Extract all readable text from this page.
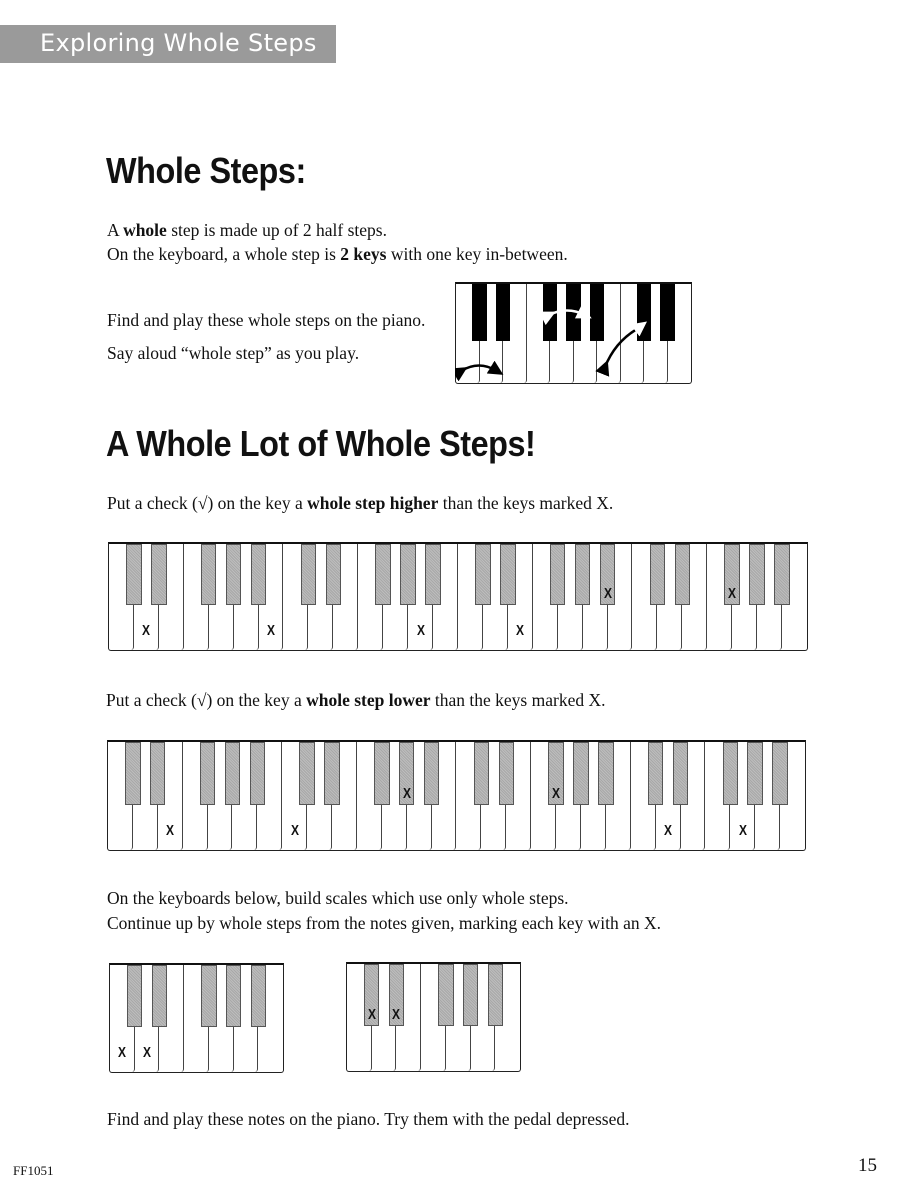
Exploring Whole Steps
Whole Steps:
A whole step is made up of 2 half steps.
On the keyboard, a whole step is 2 keys with one key in-between.
Find and play these whole steps on the piano.
Say aloud “whole step” as you play.
A Whole Lot of Whole Steps!
Put a check (√) on the key a whole step higher than the keys marked X.
X	X	X	X
X	X
Put a check (√) on the key a whole step lower than the keys marked X.
X	X	X	X
X	X
On the keyboards below, build scales which use only whole steps.
Continue up by whole steps from the notes given, marking each key with an X.
X X
X X
Find and play these notes on the piano. Try them with the pedal depressed.
FF1051	15
